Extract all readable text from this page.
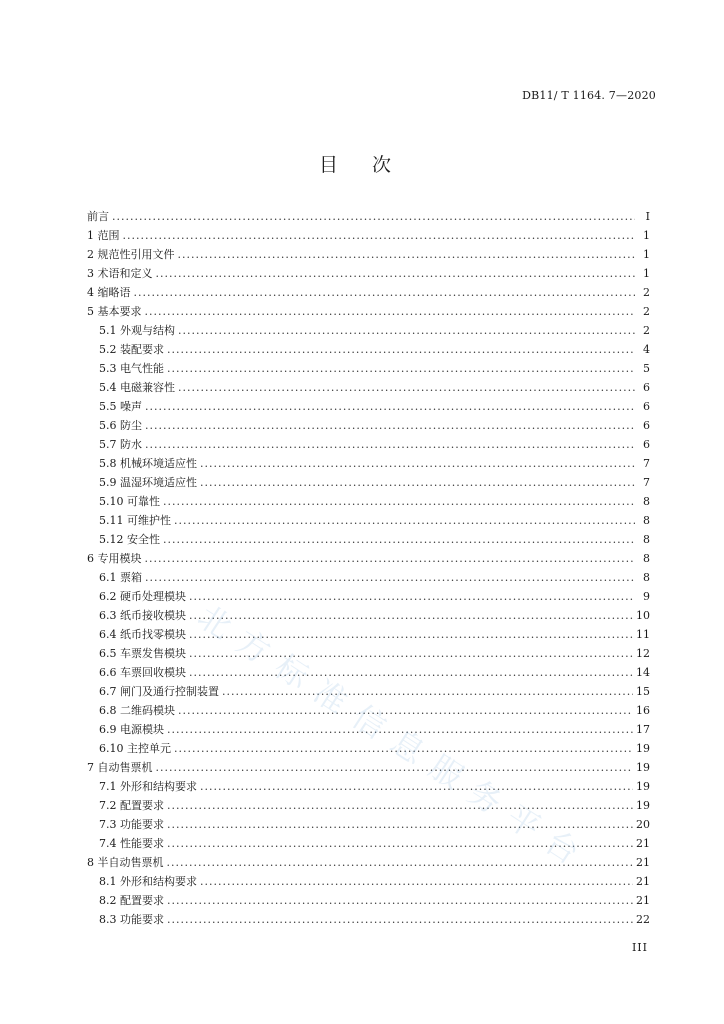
DB11/ T 1164. 7—2020
目 次
前言 .....	I
1 范围 .....	1
2 规范性引用文件 .....	1
3 术语和定义 .....	1
4 缩略语 .....	2
5 基本要求 .....	2
5.1 外观与结构 .....	2
5.2 装配要求 .....	4
5.3 电气性能 .....	5
5.4 电磁兼容性 .....	6
5.5 噪声 .....	6
5.6 防尘 .....	6
5.7 防水 .....	6
5.8 机械环境适应性 .....	7
5.9 温湿环境适应性 .....	7
5.10 可靠性 .....	8
5.11 可维护性 .....	8
5.12 安全性 .....	8
6 专用模块 .....	8
6.1 票箱 .....	8
6.2 硬币处理模块 .....	9
6.3 纸币接收模块 .....	10
6.4 纸币找零模块 .....	11
6.5 车票发售模块 .....	12
6.6 车票回收模块 .....	14
6.7 闸门及通行控制装置 .....	15
6.8 二维码模块 .....	16
6.9 电源模块 .....	17
6.10 主控单元 .....	19
7 自动售票机 .....	19
7.1 外形和结构要求 .....	19
7.2 配置要求 .....	19
7.3 功能要求 .....	20
7.4 性能要求 .....	21
8 半自动售票机 .....	21
8.1 外形和结构要求 .....	21
8.2 配置要求 .....	21
8.3 功能要求 .....	22
北方标准信息服务平台
III
